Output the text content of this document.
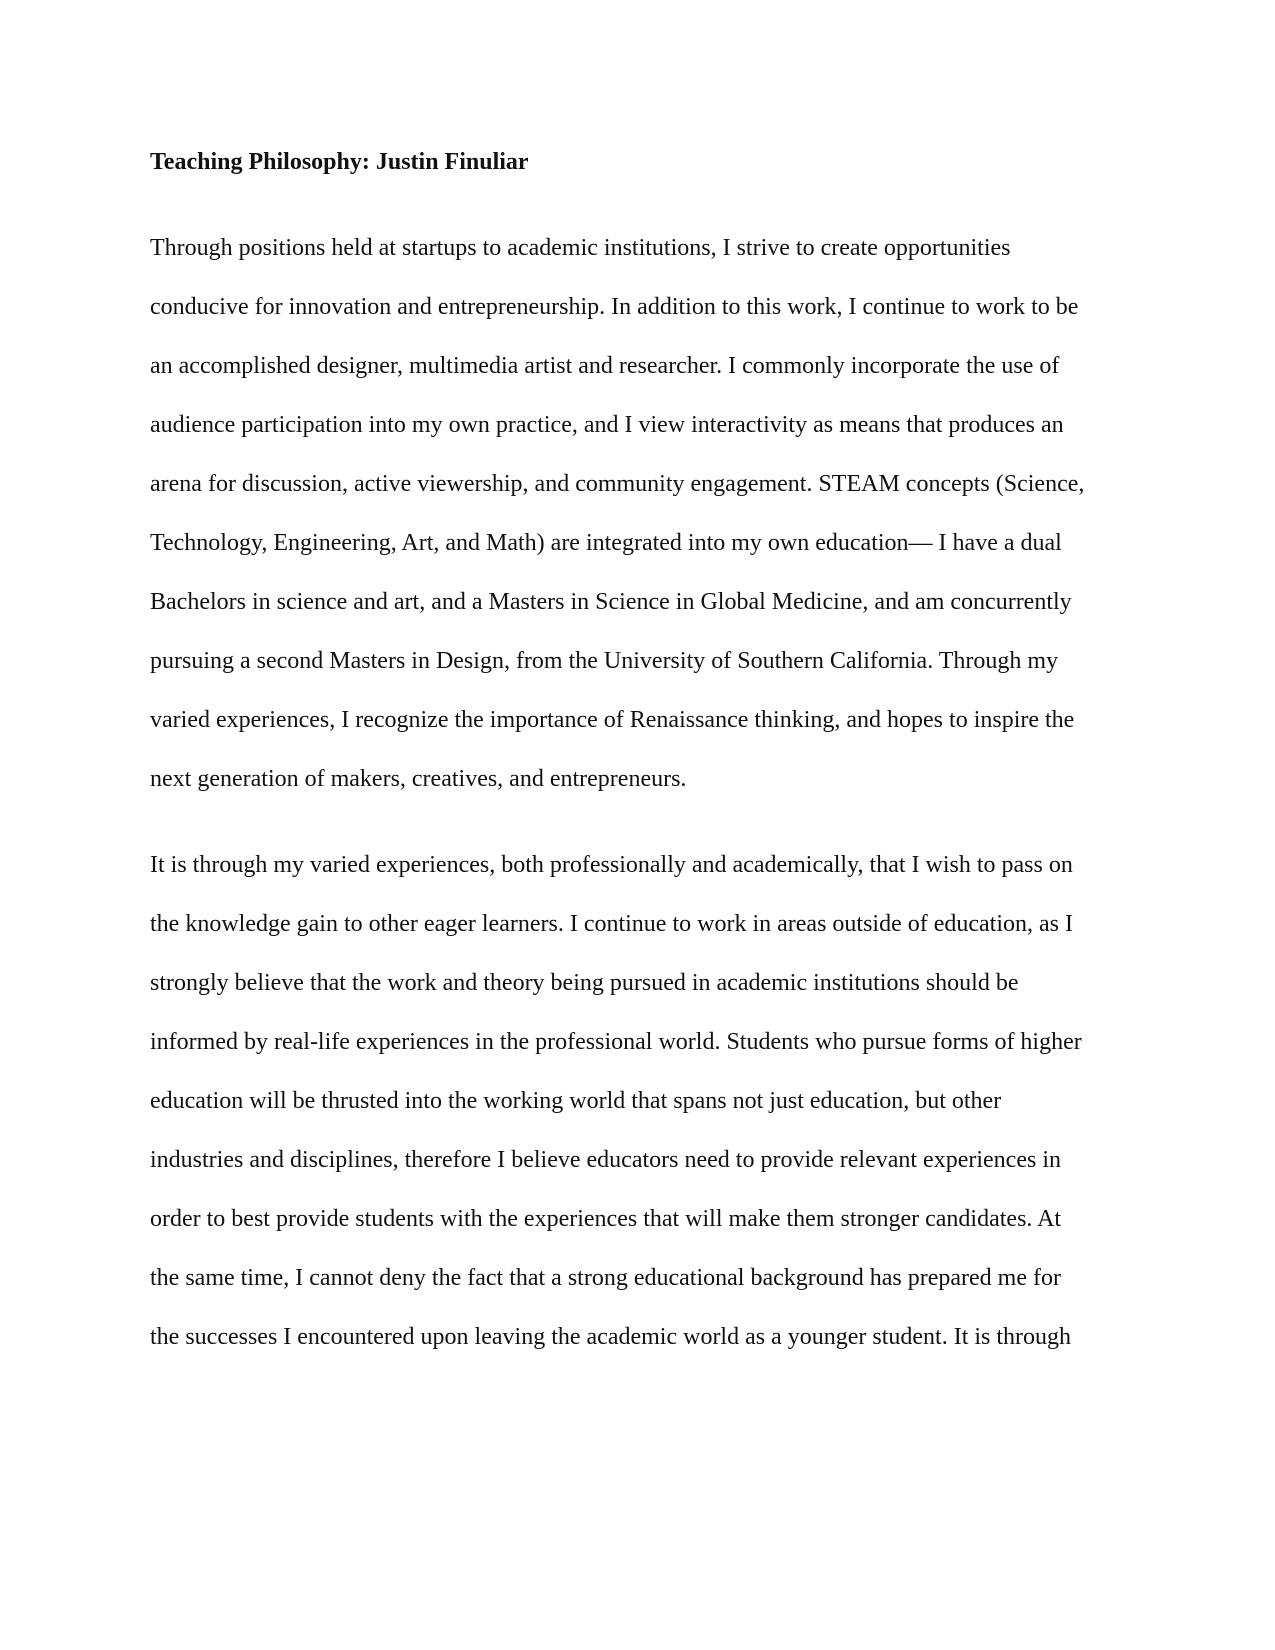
Teaching Philosophy: Justin Finuliar

Through positions held at startups to academic institutions, I strive to create opportunities
conducive for innovation and entrepreneurship. In addition to this work, I continue to work to be
an accomplished designer, multimedia artist and researcher. I commonly incorporate the use of
audience participation into my own practice, and I view interactivity as means that produces an
arena for discussion, active viewership, and community engagement. STEAM concepts (Science,
Technology, Engineering, Art, and Math) are integrated into my own education— I have a dual
Bachelors in science and art, and a Masters in Science in Global Medicine, and am concurrently
pursuing a second Masters in Design, from the University of Southern California. Through my
varied experiences, I recognize the importance of Renaissance thinking, and hopes to inspire the
next generation of makers, creatives, and entrepreneurs.

It is through my varied experiences, both professionally and academically, that I wish to pass on
the knowledge gain to other eager learners. I continue to work in areas outside of education, as I
strongly believe that the work and theory being pursued in academic institutions should be
informed by real-life experiences in the professional world. Students who pursue forms of higher
education will be thrusted into the working world that spans not just education, but other
industries and disciplines, therefore I believe educators need to provide relevant experiences in
order to best provide students with the experiences that will make them stronger candidates. At
the same time, I cannot deny the fact that a strong educational background has prepared me for
the successes I encountered upon leaving the academic world as a younger student. It is through
